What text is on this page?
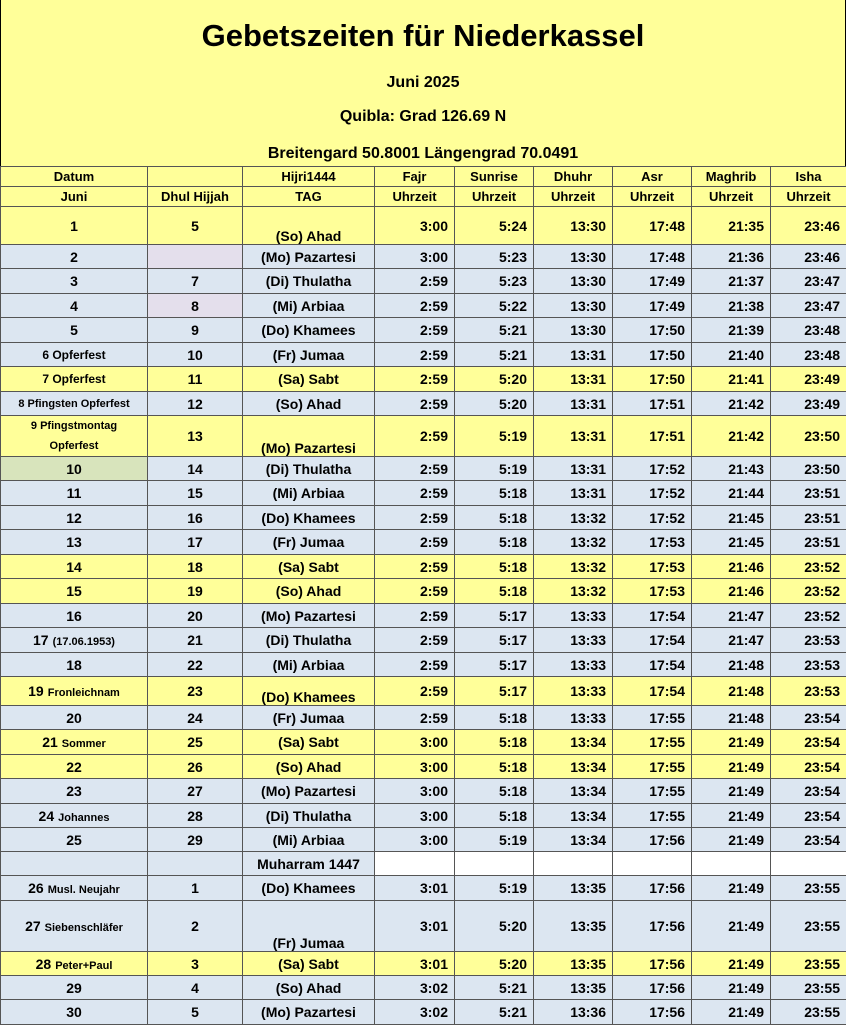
Gebetszeiten für Niederkassel
Juni 2025
Quibla: Grad 126.69 N
Breitengard 50.8001 Längengrad 70.0491
Datum		Hijri1444	Fajr	Sunrise	Dhuhr	Asr	Maghrib	Isha
Juni	Dhul Hijjah	TAG	Uhrzeit	Uhrzeit	Uhrzeit	Uhrzeit	Uhrzeit	Uhrzeit
1	5	(So) Ahad	3:00	5:24	13:30	17:48	21:35	23:46
2		(Mo) Pazartesi	3:00	5:23	13:30	17:48	21:36	23:46
3	7	(Di) Thulatha	2:59	5:23	13:30	17:49	21:37	23:47
4	8	(Mi) Arbiaa	2:59	5:22	13:30	17:49	21:38	23:47
5	9	(Do) Khamees	2:59	5:21	13:30	17:50	21:39	23:48
6 Opferfest	10	(Fr) Jumaa	2:59	5:21	13:31	17:50	21:40	23:48
7 Opferfest	11	(Sa) Sabt	2:59	5:20	13:31	17:50	21:41	23:49
8 Pfingsten Opferfest	12	(So) Ahad	2:59	5:20	13:31	17:51	21:42	23:49
9 Pfingstmontag Opferfest	13	(Mo) Pazartesi	2:59	5:19	13:31	17:51	21:42	23:50
10	14	(Di) Thulatha	2:59	5:19	13:31	17:52	21:43	23:50
11	15	(Mi) Arbiaa	2:59	5:18	13:31	17:52	21:44	23:51
12	16	(Do) Khamees	2:59	5:18	13:32	17:52	21:45	23:51
13	17	(Fr) Jumaa	2:59	5:18	13:32	17:53	21:45	23:51
14	18	(Sa) Sabt	2:59	5:18	13:32	17:53	21:46	23:52
15	19	(So) Ahad	2:59	5:18	13:32	17:53	21:46	23:52
16	20	(Mo) Pazartesi	2:59	5:17	13:33	17:54	21:47	23:52
17 (17.06.1953)	21	(Di) Thulatha	2:59	5:17	13:33	17:54	21:47	23:53
18	22	(Mi) Arbiaa	2:59	5:17	13:33	17:54	21:48	23:53
19 Fronleichnam	23	(Do) Khamees	2:59	5:17	13:33	17:54	21:48	23:53
20	24	(Fr) Jumaa	2:59	5:18	13:33	17:55	21:48	23:54
21 Sommer	25	(Sa) Sabt	3:00	5:18	13:34	17:55	21:49	23:54
22	26	(So) Ahad	3:00	5:18	13:34	17:55	21:49	23:54
23	27	(Mo) Pazartesi	3:00	5:18	13:34	17:55	21:49	23:54
24 Johannes	28	(Di) Thulatha	3:00	5:18	13:34	17:55	21:49	23:54
25	29	(Mi) Arbiaa	3:00	5:19	13:34	17:56	21:49	23:54
		Muharram 1447						
26 Musl. Neujahr	1	(Do) Khamees	3:01	5:19	13:35	17:56	21:49	23:55
27 Siebenschläfer	2	(Fr) Jumaa	3:01	5:20	13:35	17:56	21:49	23:55
28 Peter+Paul	3	(Sa) Sabt	3:01	5:20	13:35	17:56	21:49	23:55
29	4	(So) Ahad	3:02	5:21	13:35	17:56	21:49	23:55
30	5	(Mo) Pazartesi	3:02	5:21	13:36	17:56	21:49	23:55
